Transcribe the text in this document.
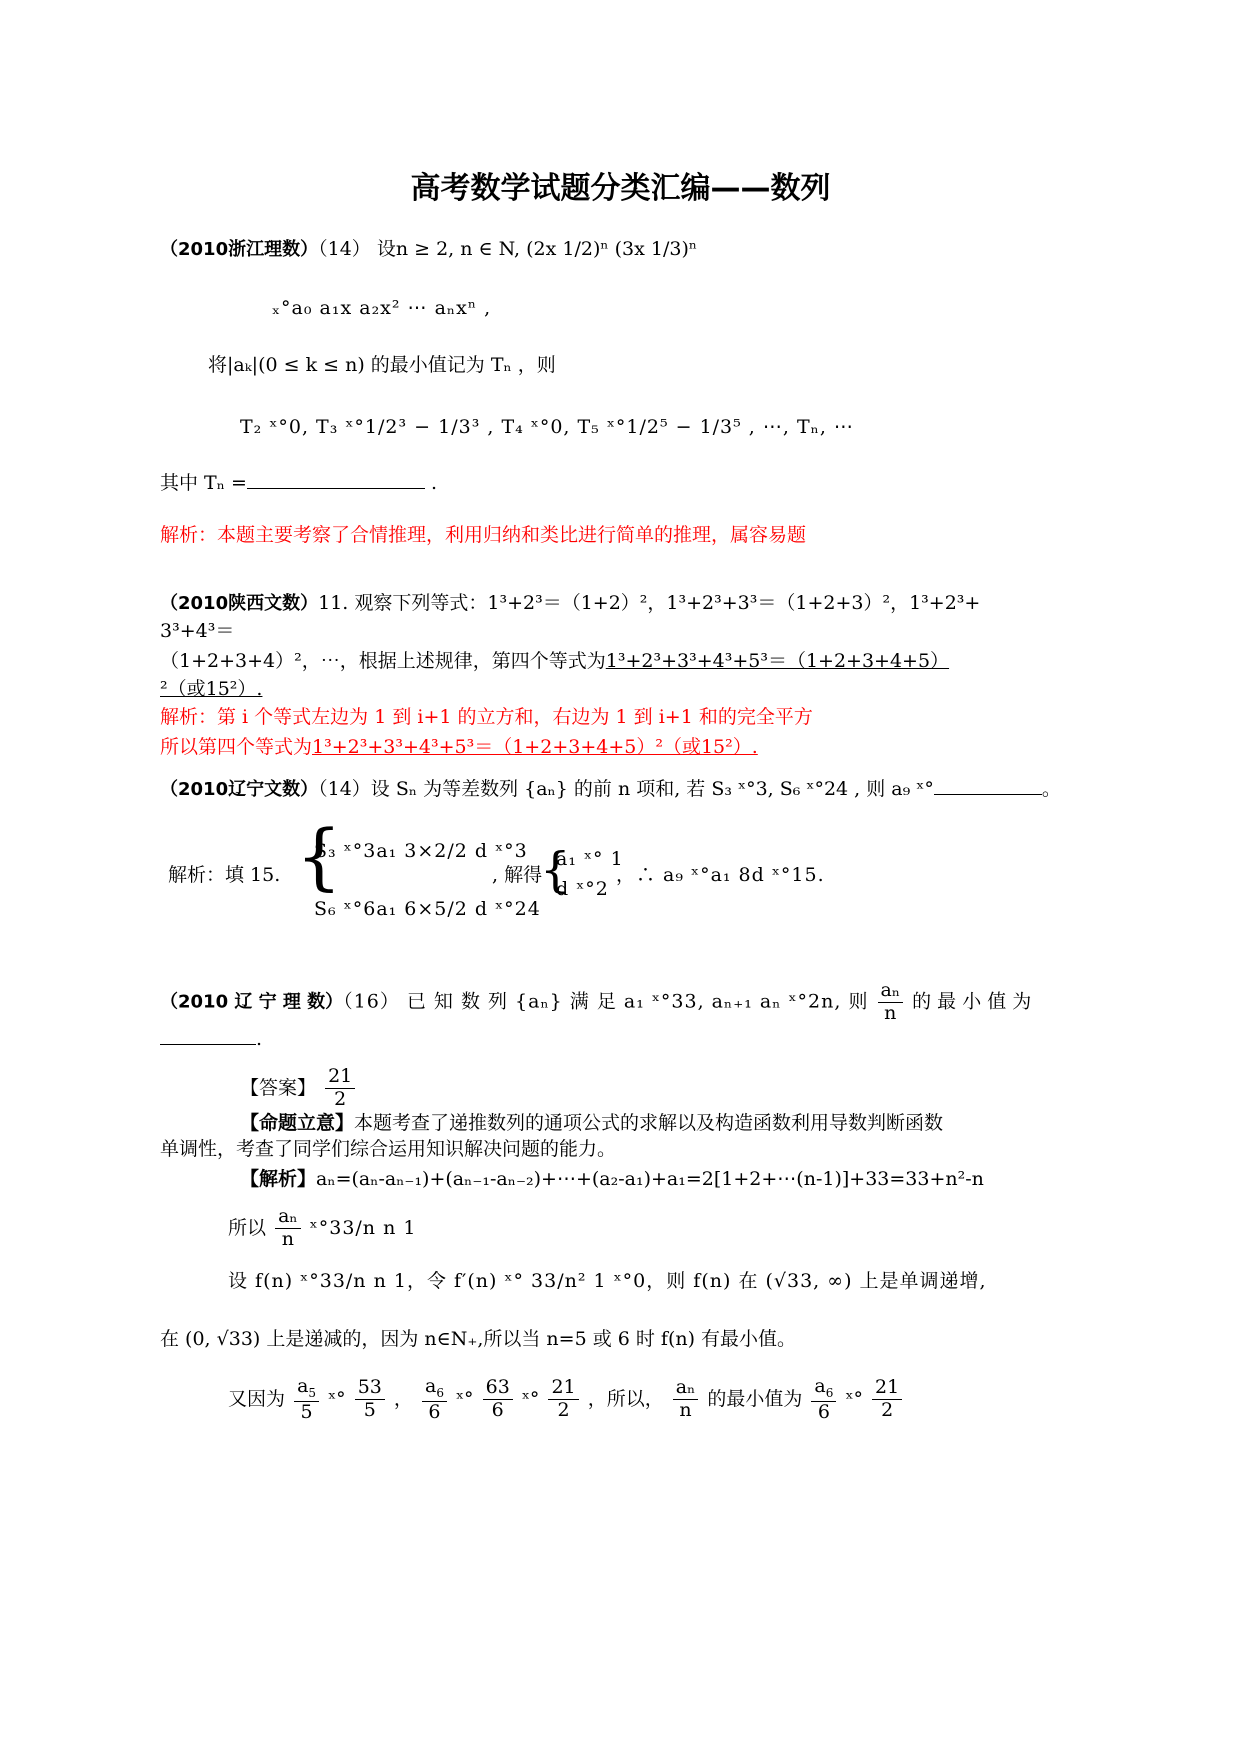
高考数学试题分类汇编——数列
（2010浙江理数）（14） 设n ≥ 2, n ∈ N, (2x 1/2)ⁿ (3x 1/3)ⁿ
ₓ°a₀ a₁x a₂x² ⋯ aₙxⁿ ,
将|aₖ|(0 ≤ k ≤ n) 的最小值记为 Tₙ ，则
T₂ ˣ°0, T₃ ˣ°1/2³ − 1/3³ , T₄ ˣ°0, T₅ ˣ°1/2⁵ − 1/3⁵ , ⋯, Tₙ, ⋯
其中 Tₙ =	.
解析：本题主要考察了合情推理，利用归纳和类比进行简单的推理，属容易题
（2010陕西文数）11. 观察下列等式：1³+2³＝（1+2）²，1³+2³+3³＝（1+2+3）²，1³+2³+
3³+4³＝
（1+2+3+4）²，⋯，根据上述规律，第四个等式为1³+2³+3³+4³+5³＝（1+2+3+4+5）
²（或15²）.
解析：第 i 个等式左边为 1 到 i+1 的立方和，右边为 1 到 i+1 和的完全平方
所以第四个等式为1³+2³+3³+4³+5³＝（1+2+3+4+5）²（或15²）.
（2010辽宁文数）（14）设 Sₙ 为等差数列 {aₙ} 的前 n 项和, 若 S₃ ˣ°3, S₆ ˣ°24 , 则 a₉ ˣ°	。
解析：填 15. {
S₃ ˣ°3a₁ 3×2/2 d ˣ°3
S₆ ˣ°6a₁ 6×5/2 d ˣ°24
, 解得
{
a₁ ˣ° 1
d ˣ°2
，∴ a₉ ˣ°a₁ 8d ˣ°15.
（2010 辽 宁 理 数）（16） 已 知 数 列 {aₙ} 满 足 a₁ ˣ°33, aₙ₊₁ aₙ ˣ°2n, 则 $\frac{\text{aₙ}}{n}$ 的 最 小 值 为
.
【答案】 $\frac{21}{2}$
【命题立意】本题考查了递推数列的通项公式的求解以及构造函数利用导数判断函数
单调性，考查了同学们综合运用知识解决问题的能力。
【解析】aₙ=(aₙ-aₙ₋₁)+(aₙ₋₁-aₙ₋₂)+⋯+(a₂-a₁)+a₁=2[1+2+⋯(n-1)]+33=33+n²-n
所以 $\frac{\text{aₙ}}{n}$ ˣ°33/n n 1
设 f(n) ˣ°33/n n 1，令 f′(n) ˣ° 33/n² 1 ˣ°0，则 f(n) 在 (√33, ∞) 上是单调递增,
在 (0, √33) 上是递减的，因为 n∈N₊,所以当 n=5 或 6 时 f(n) 有最小值。
又因为 $\frac{a_5}{5}$ ˣ° $\frac{53}{5}$ ， $\frac{a_6}{6}$ ˣ° $\frac{63}{6}$ ˣ° $\frac{21}{2}$ ，所以， $\frac{\text{aₙ}}{n}$ 的最小值为 $\frac{a_6}{6}$ ˣ° $\frac{21}{2}$
